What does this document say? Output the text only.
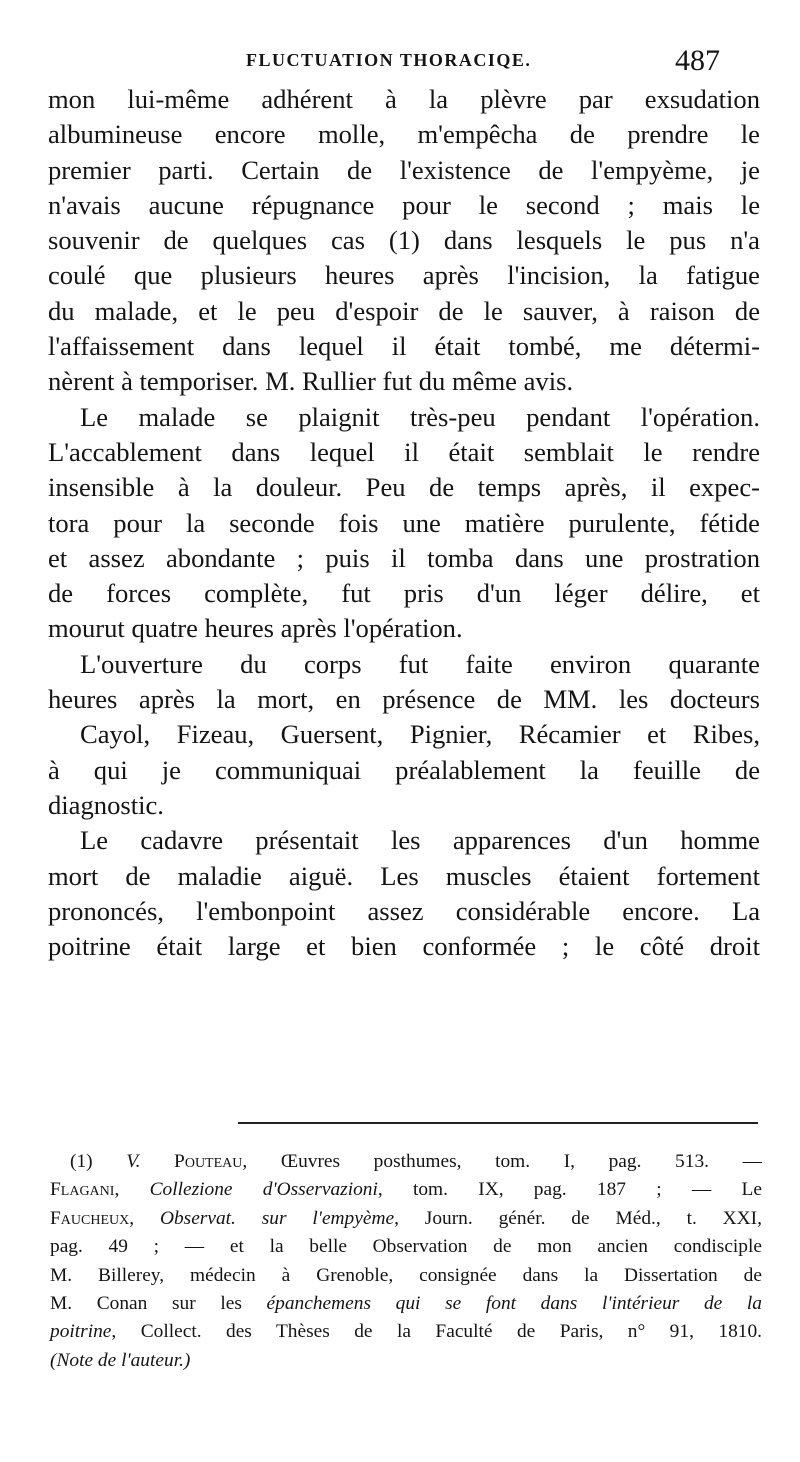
FLUCTUATION THORACIQE.	487

mon lui-même adhérent à la plèvre par exsudation

albumineuse encore molle, m'empêcha de prendre le

premier parti. Certain de l'existence de l'empyème, je

n'avais aucune répugnance pour le second ; mais le

souvenir de quelques cas (1) dans lesquels le pus n'a

coulé que plusieurs heures après l'incision, la fatigue

du malade, et le peu d'espoir de le sauver, à raison de

l'affaissement dans lequel il était tombé, me détermi-

nèrent à temporiser. M. Rullier fut du même avis.

Le malade se plaignit très-peu pendant l'opération.

L'accablement dans lequel il était semblait le rendre

insensible à la douleur. Peu de temps après, il expec-

tora pour la seconde fois une matière purulente, fétide

et assez abondante ; puis il tomba dans une prostration

de forces complète, fut pris d'un léger délire, et

mourut quatre heures après l'opération.

L'ouverture du corps fut faite environ quarante

heures après la mort, en présence de MM. les docteurs

Cayol, Fizeau, Guersent, Pignier, Récamier et Ribes,

à qui je communiquai préalablement la feuille de

diagnostic.

Le cadavre présentait les apparences d'un homme

mort de maladie aiguë. Les muscles étaient fortement

prononcés, l'embonpoint assez considérable encore. La

poitrine était large et bien conformée ; le côté droit

(1) V. Pouteau, Œuvres posthumes, tom. I, pag. 513. —

Flagani, Collezione d'Osservazioni, tom. IX, pag. 187 ; — Le

Faucheux, Observat. sur l'empyème, Journ. génér. de Méd., t. XXI,

pag. 49 ; — et la belle Observation de mon ancien condisciple

M. Billerey, médecin à Grenoble, consignée dans la Dissertation de

M. Conan sur les épanchemens qui se font dans l'intérieur de la

poitrine, Collect. des Thèses de la Faculté de Paris, n° 91, 1810.

(Note de l'auteur.)
